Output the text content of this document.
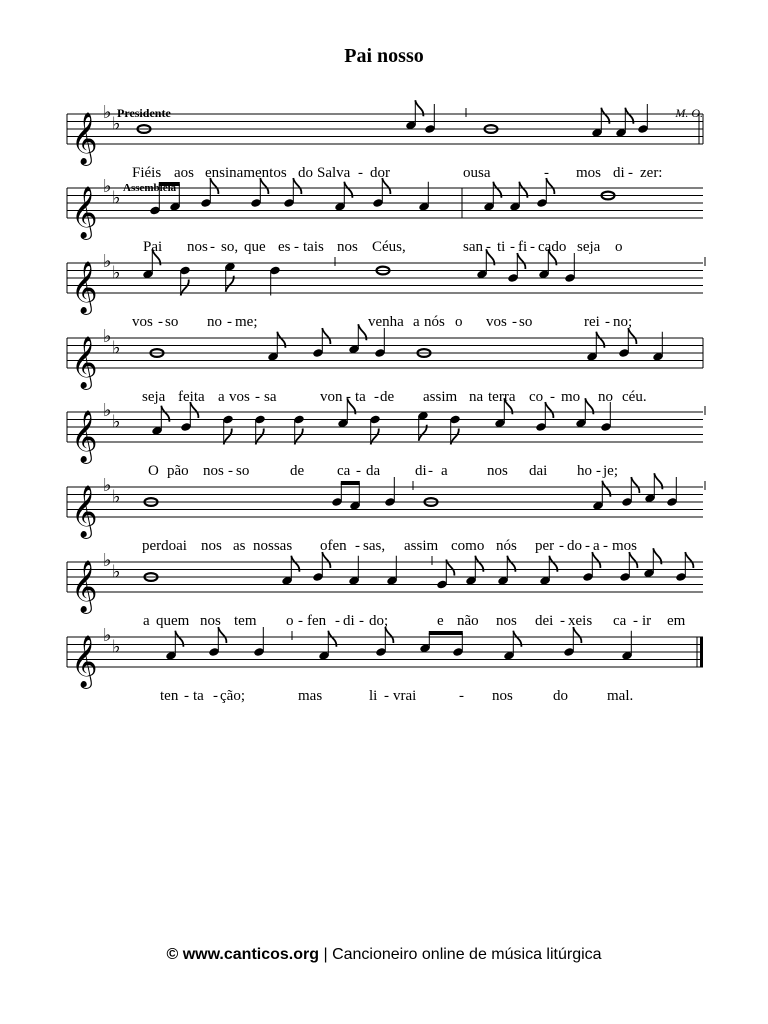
Pai nosso
Presidente	M. O.
Assembleia
𝄞
♭
♭
Fiéis aos ensinamentos do Salva - dor	ousa	- mos di - zer:
𝄞
♭
♭
Pai nos - so, que es - tais nos Céus,	san - ti - fi - cado seja o
𝄞
♭
♭
vos - so no - me;	venha a nós o vos - so	rei - no;
𝄞
♭
♭
seja feita a vos - sa	von - ta - de assim na terra co - mo no céu.
𝄞
♭
♭
O pão nos - so	de ca - da di - a	nos dai ho - je;
𝄞
♭
♭
perdoai nos as nossas ofen - sas, assim como nós per - do - a - mos
𝄞
♭
♭
a quem nos tem o - fen - di - do;	e não nos dei - xeis ca - ir em
𝄞
♭
♭
ten - ta - ção;	mas	li - vrai	- nos	do	mal.
© www.canticos.org | Cancioneiro online de música litúrgica
